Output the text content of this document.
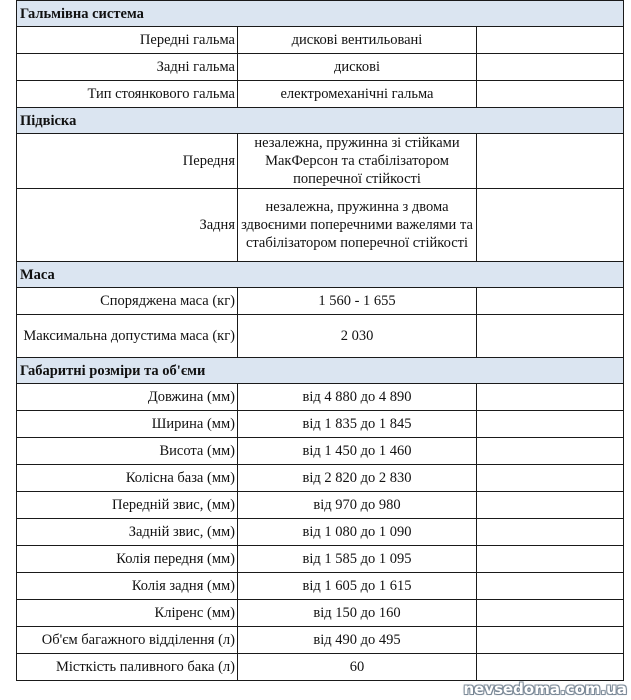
Гальмівна система		
Передні гальма	дискові вентильовані	
Задні гальма	дискові	
Тип стоянкового гальма	електромеханічні гальма	
Підвіска		
Передня	незалежна, пружинна зі стійками МакФерсон та стабілізатором поперечної стійкості	
Задня	незалежна, пружинна з двома здвоєними поперечними важелями та стабілізатором поперечної стійкості	
Маса		
Споряджена маса (кг)	1 560 - 1 655	
Максимальна допустима маса (кг)	2 030	
Габаритні розміри та об'єми		
Довжина (мм)	від 4 880 до 4 890	
Ширина (мм)	від 1 835 до 1 845	
Висота (мм)	від 1 450 до 1 460	
Колісна база (мм)	від 2 820 до 2 830	
Передній звис, (мм)	від 970 до 980	
Задній звис, (мм)	від 1 080 до 1 090	
Колія передня (мм)	від 1 585 до 1 095	
Колія задня (мм)	від 1 605 до 1 615	
Кліренс (мм)	від 150 до 160	
Об'єм багажного відділення (л)	від 490 до 495	
Місткість паливного бака (л)	60	
nevsedoma.com.ua
